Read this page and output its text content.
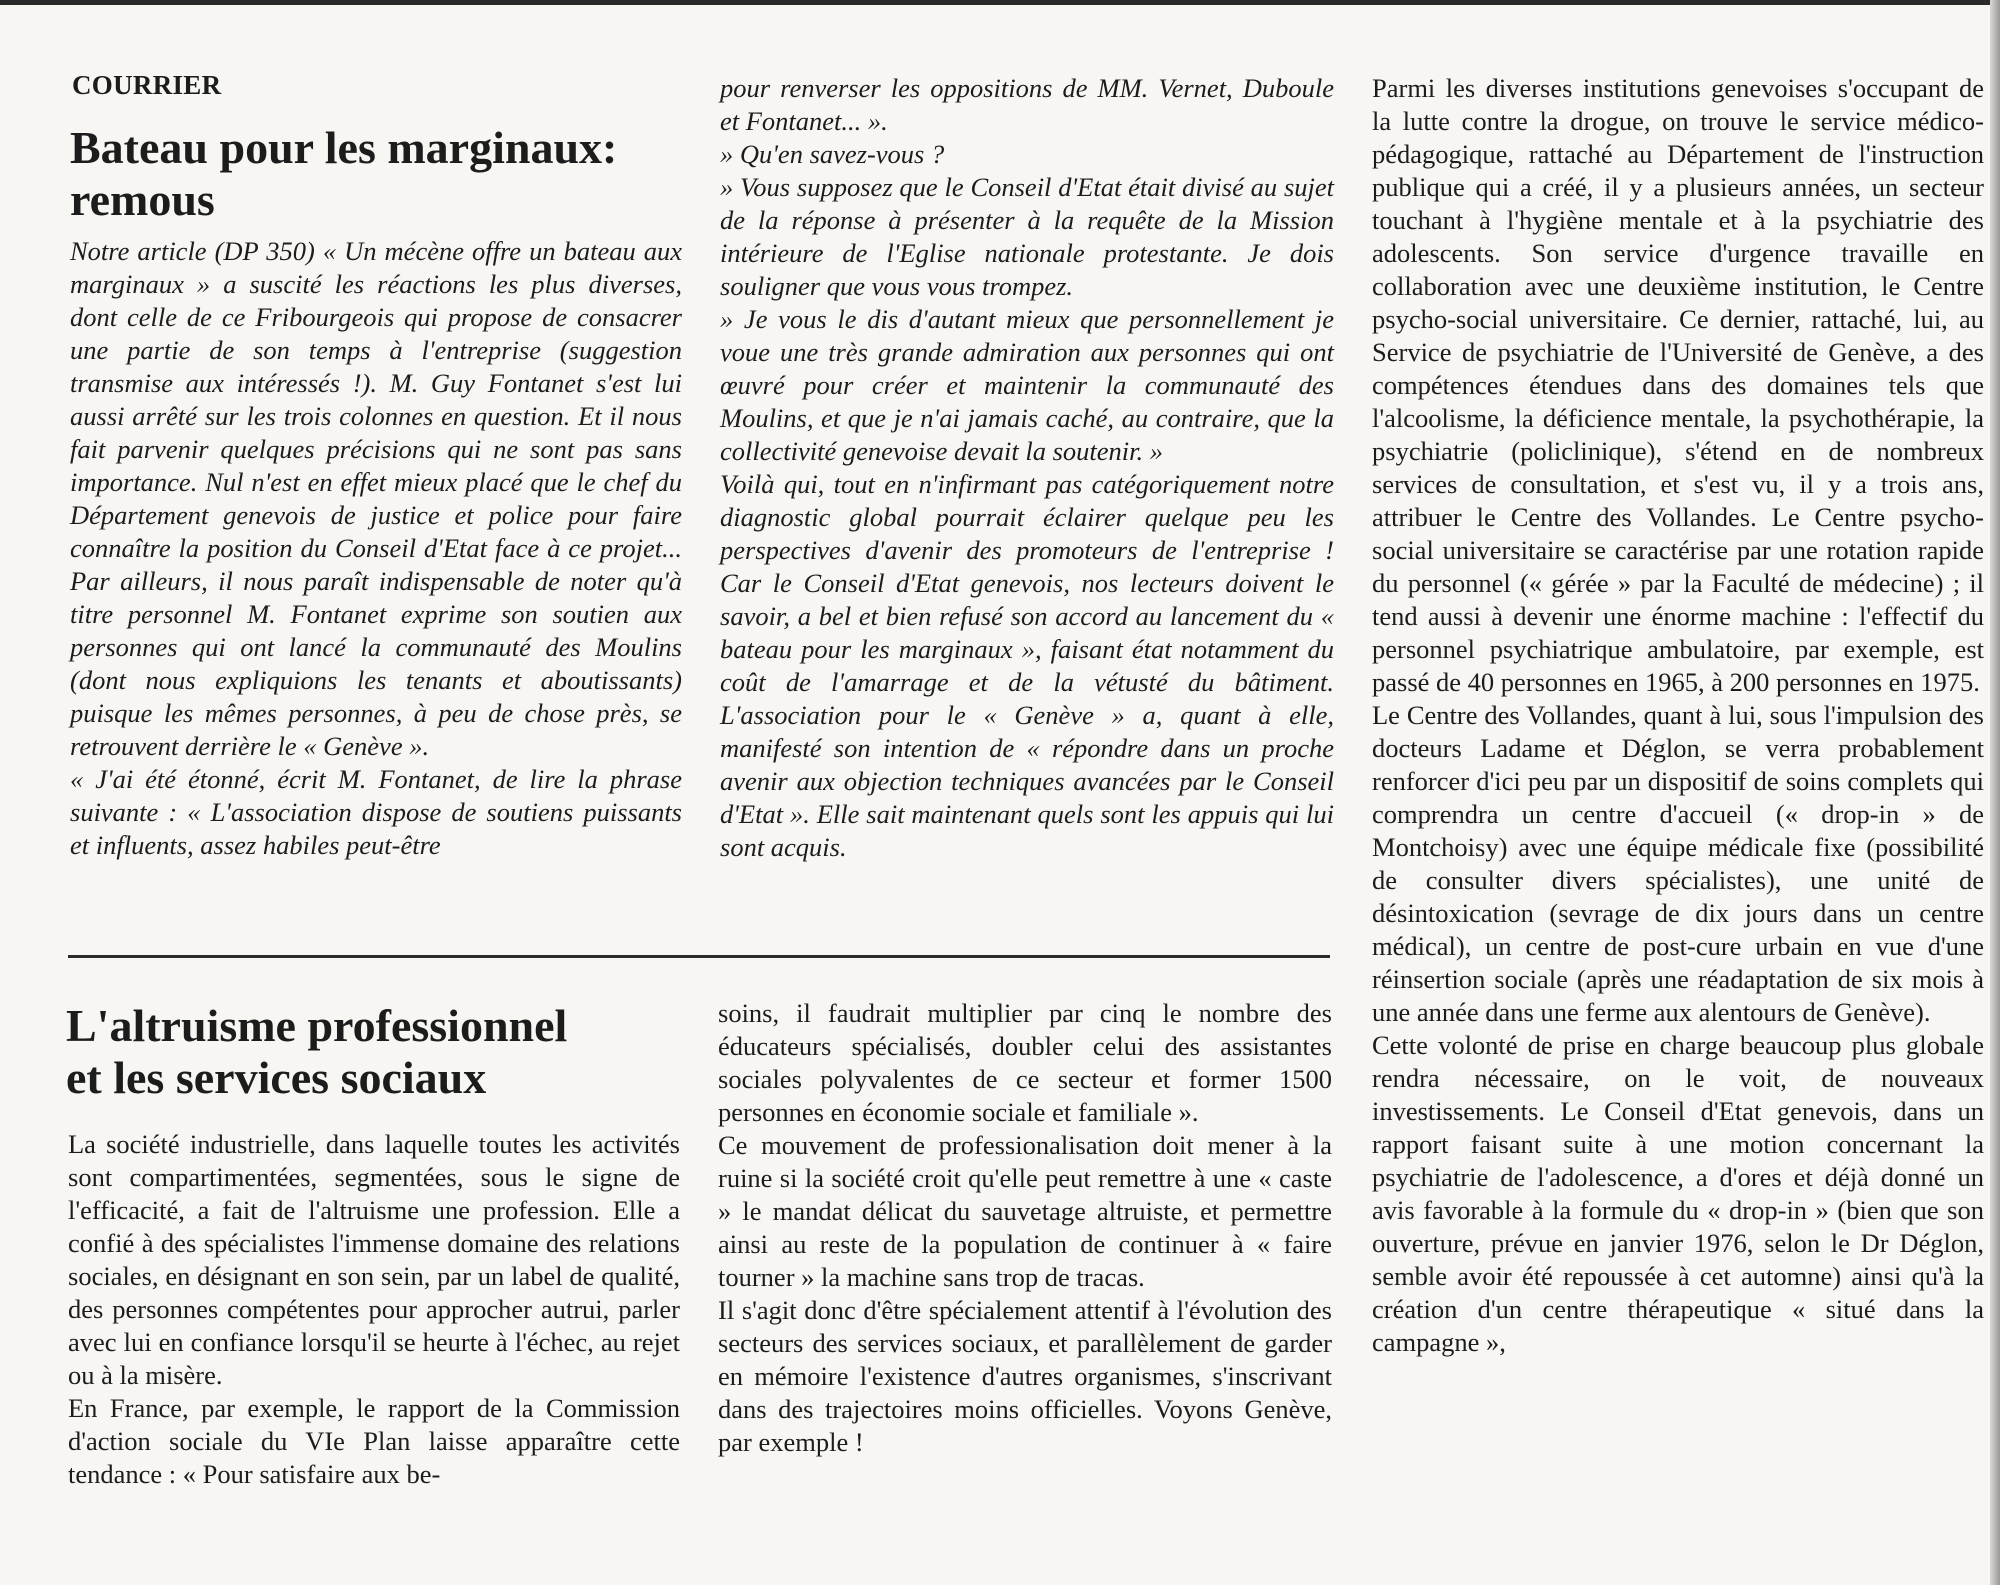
COURRIER
Bateau pour les marginaux:
remous

Notre article (DP 350) « Un mécène offre un bateau aux marginaux » a suscité les réactions les plus diverses, dont celle de ce Fribourgeois qui propose de consacrer une partie de son temps à l'entreprise (suggestion transmise aux intéressés !). M. Guy Fontanet s'est lui aussi arrêté sur les trois colonnes en question. Et il nous fait parvenir quelques précisions qui ne sont pas sans importance. Nul n'est en effet mieux placé que le chef du Département genevois de justice et police pour faire connaître la position du Conseil d'Etat face à ce projet... Par ailleurs, il nous paraît indispensable de noter qu'à titre personnel M. Fontanet exprime son soutien aux personnes qui ont lancé la communauté des Moulins (dont nous expliquions les tenants et aboutissants) puisque les mêmes personnes, à peu de chose près, se retrouvent derrière le « Genève ».

« J'ai été étonné, écrit M. Fontanet, de lire la phrase suivante : « L'association dispose de soutiens puissants et influents, assez habiles peut-être

pour renverser les oppositions de MM. Vernet, Duboule et Fontanet... ».

» Qu'en savez-vous ?

» Vous supposez que le Conseil d'Etat était divisé au sujet de la réponse à présenter à la requête de la Mission intérieure de l'Eglise nationale protestante. Je dois souligner que vous vous trompez.

» Je vous le dis d'autant mieux que personnellement je voue une très grande admiration aux personnes qui ont œuvré pour créer et maintenir la communauté des Moulins, et que je n'ai jamais caché, au contraire, que la collectivité genevoise devait la soutenir. »

Voilà qui, tout en n'infirmant pas catégoriquement notre diagnostic global pourrait éclairer quelque peu les perspectives d'avenir des promoteurs de l'entreprise ! Car le Conseil d'Etat genevois, nos lecteurs doivent le savoir, a bel et bien refusé son accord au lancement du « bateau pour les marginaux », faisant état notamment du coût de l'amarrage et de la vétusté du bâtiment. L'association pour le « Genève » a, quant à elle, manifesté son intention de « répondre dans un proche avenir aux objection techniques avancées par le Conseil d'Etat ». Elle sait maintenant quels sont les appuis qui lui sont acquis.

L'altruisme professionnel
et les services sociaux

La société industrielle, dans laquelle toutes les activités sont compartimentées, segmentées, sous le signe de l'efficacité, a fait de l'altruisme une profession. Elle a confié à des spécialistes l'immense domaine des relations sociales, en désignant en son sein, par un label de qualité, des personnes compétentes pour approcher autrui, parler avec lui en confiance lorsqu'il se heurte à l'échec, au rejet ou à la misère.

En France, par exemple, le rapport de la Commission d'action sociale du VIe Plan laisse apparaître cette tendance : « Pour satisfaire aux be-

soins, il faudrait multiplier par cinq le nombre des éducateurs spécialisés, doubler celui des assistantes sociales polyvalentes de ce secteur et former 1500 personnes en économie sociale et familiale ».

Ce mouvement de professionalisation doit mener à la ruine si la société croit qu'elle peut remettre à une « caste » le mandat délicat du sauvetage altruiste, et permettre ainsi au reste de la population de continuer à « faire tourner » la machine sans trop de tracas.

Il s'agit donc d'être spécialement attentif à l'évolution des secteurs des services sociaux, et parallèlement de garder en mémoire l'existence d'autres organismes, s'inscrivant dans des trajectoires moins officielles. Voyons Genève, par exemple !

Parmi les diverses institutions genevoises s'occupant de la lutte contre la drogue, on trouve le service médico-pédagogique, rattaché au Département de l'instruction publique qui a créé, il y a plusieurs années, un secteur touchant à l'hygiène mentale et à la psychiatrie des adolescents. Son service d'urgence travaille en collaboration avec une deuxième institution, le Centre psycho-social universitaire. Ce dernier, rattaché, lui, au Service de psychiatrie de l'Université de Genève, a des compétences étendues dans des domaines tels que l'alcoolisme, la déficience mentale, la psychothérapie, la psychiatrie (policlinique), s'étend en de nombreux services de consultation, et s'est vu, il y a trois ans, attribuer le Centre des Vollandes. Le Centre psycho-social universitaire se caractérise par une rotation rapide du personnel (« gérée » par la Faculté de médecine) ; il tend aussi à devenir une énorme machine : l'effectif du personnel psychiatrique ambulatoire, par exemple, est passé de 40 personnes en 1965, à 200 personnes en 1975.

Le Centre des Vollandes, quant à lui, sous l'impulsion des docteurs Ladame et Déglon, se verra probablement renforcer d'ici peu par un dispositif de soins complets qui comprendra un centre d'accueil (« drop-in » de Montchoisy) avec une équipe médicale fixe (possibilité de consulter divers spécialistes), une unité de désintoxication (sevrage de dix jours dans un centre médical), un centre de post-cure urbain en vue d'une réinsertion sociale (après une réadaptation de six mois à une année dans une ferme aux alentours de Genève).

Cette volonté de prise en charge beaucoup plus globale rendra nécessaire, on le voit, de nouveaux investissements. Le Conseil d'Etat genevois, dans un rapport faisant suite à une motion concernant la psychiatrie de l'adolescence, a d'ores et déjà donné un avis favorable à la formule du « drop-in » (bien que son ouverture, prévue en janvier 1976, selon le Dr Déglon, semble avoir été repoussée à cet automne) ainsi qu'à la création d'un centre thérapeutique « situé dans la campagne »,
